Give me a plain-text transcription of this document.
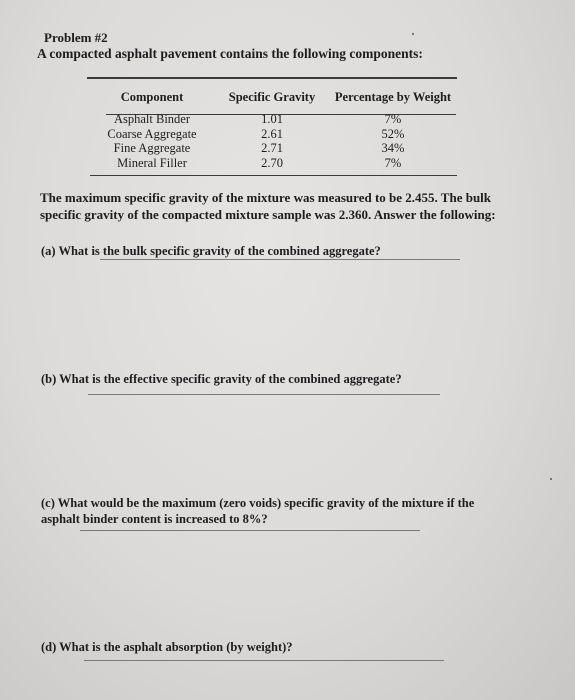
Problem #2
A compacted asphalt pavement contains the following components:
Component	Specific Gravity	Percentage by Weight
Asphalt Binder	1.01	7%
Coarse Aggregate	2.61	52%
Fine Aggregate	2.71	34%
Mineral Filler	2.70	7%
The maximum specific gravity of the mixture was measured to be 2.455. The bulk specific gravity of the compacted mixture sample was 2.360. Answer the following:
(a) What is the bulk specific gravity of the combined aggregate?
(b) What is the effective specific gravity of the combined aggregate?
(c) What would be the maximum (zero voids) specific gravity of the mixture if the asphalt binder content is increased to 8%?
(d) What is the asphalt absorption (by weight)?
